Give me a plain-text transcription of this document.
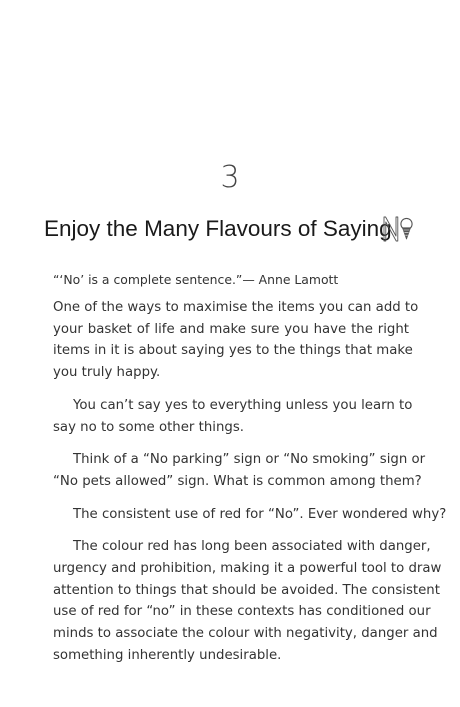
3
Enjoy the Many Flavours of Saying
“‘No’ is a complete sentence.”— Anne Lamott

One of the ways to maximise the items you can add to
your basket of life and make sure you have the right
items in it is about saying yes to the things that make
you truly happy.

You can’t say yes to everything unless you learn to
say no to some other things.

Think of a “No parking” sign or “No smoking” sign or
“No pets allowed” sign. What is common among them?

The consistent use of red for “No”. Ever wondered why?

The colour red has long been associated with danger,
urgency and prohibition, making it a powerful tool to draw
attention to things that should be avoided. The consistent
use of red for “no” in these contexts has conditioned our
minds to associate the colour with negativity, danger and
something inherently undesirable.
